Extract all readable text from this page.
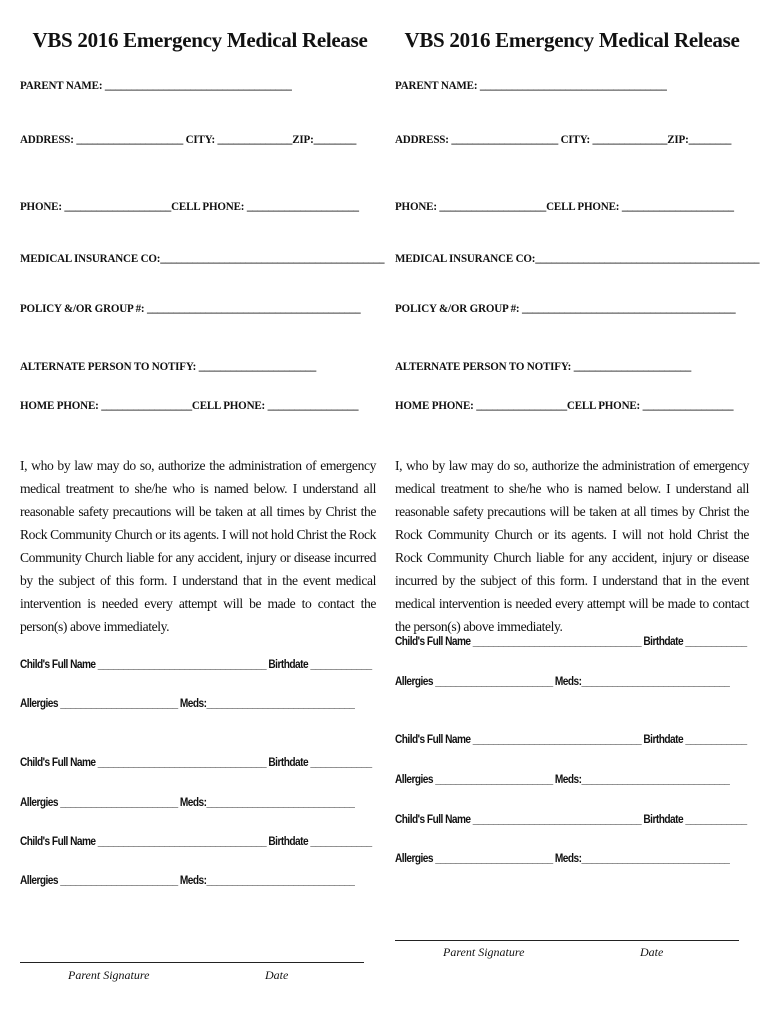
VBS 2016 Emergency Medical Release
PARENT NAME: ___________________________________
ADDRESS: ____________________ CITY: ______________ZIP:________
PHONE: ____________________CELL PHONE: _____________________
MEDICAL INSURANCE CO:__________________________________________
POLICY &/OR GROUP #: ________________________________________
ALTERNATE PERSON TO NOTIFY: ______________________
HOME PHONE: _________________CELL PHONE: _________________
I, who by law may do so, authorize the administration of emergency medical treatment to she/he who is named below. I understand all reasonable safety precautions will be taken at all times by Christ the Rock Community Church or its agents. I will not hold Christ the Rock Community Church liable for any accident, injury or disease incurred by the subject of this form. I understand that in the event medical intervention is needed every attempt will be made to contact the person(s) above immediately.
Child's Full Name _________________________________ Birthdate ____________
Allergies _______________________ Meds:_____________________________
Child's Full Name _________________________________ Birthdate ____________
Allergies _______________________ Meds:_____________________________
Child's Full Name _________________________________ Birthdate ____________
Allergies _______________________ Meds:_____________________________
Parent Signature	Date
VBS 2016 Emergency Medical Release
PARENT NAME: ___________________________________
ADDRESS: ____________________ CITY: ______________ZIP:________
PHONE: ____________________CELL PHONE: _____________________
MEDICAL INSURANCE CO:__________________________________________
POLICY &/OR GROUP #: ________________________________________
ALTERNATE PERSON TO NOTIFY: ______________________
HOME PHONE: _________________CELL PHONE: _________________
I, who by law may do so, authorize the administration of emergency medical treatment to she/he who is named below. I understand all reasonable safety precautions will be taken at all times by Christ the Rock Community Church or its agents. I will not hold Christ the Rock Community Church liable for any accident, injury or disease incurred by the subject of this form. I understand that in the event medical intervention is needed every attempt will be made to contact the person(s) above immediately.
Child's Full Name _________________________________ Birthdate ____________
Allergies _______________________ Meds:_____________________________
Child's Full Name _________________________________ Birthdate ____________
Allergies _______________________ Meds:_____________________________
Child's Full Name _________________________________ Birthdate ____________
Allergies _______________________ Meds:_____________________________
Parent Signature	Date
